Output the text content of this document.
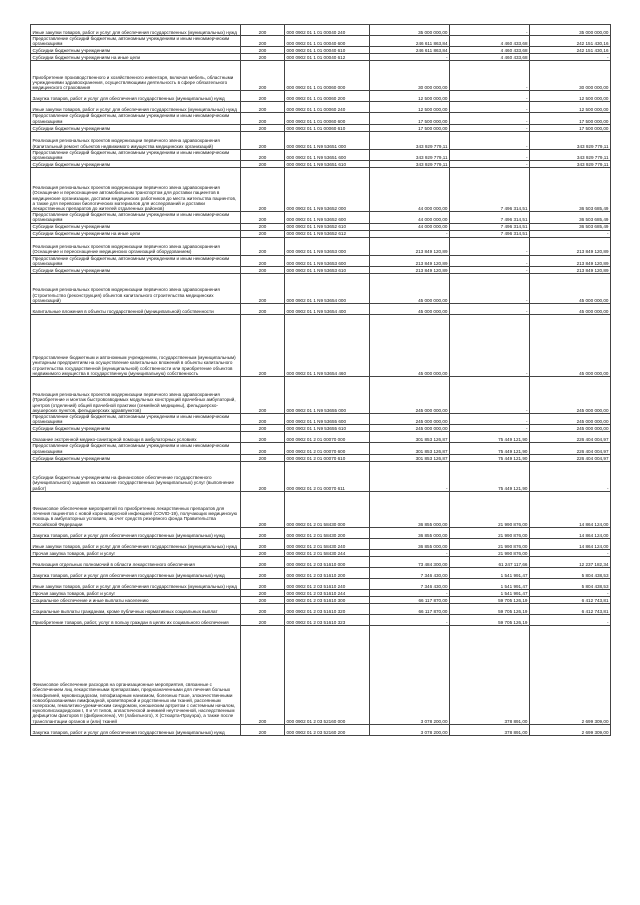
Иные закупки товаров, работ и услуг для обеспечения государственных (муниципальных) нужд	200	000 0902 01 1 01 00040 240	35 000 000,00	-	35 000 000,00
Предоставление субсидий бюджетным, автономным учреждениям и иным некоммерческим организациям	200	000 0902 01 1 01 00040 600	246 611 863,84	4 460 433,68	242 151 430,16
Субсидии бюджетным учреждениям	200	000 0902 01 1 01 00040 610	246 611 863,84	4 460 433,68	242 151 430,16
Субсидии бюджетным учреждениям на иные цели	200	000 0902 01 1 01 00040 612	-	4 460 433,68	-
Приобретение производственного и хозяйственного инвентаря, включая мебель, областными учреждениями здравоохранения, осуществляющими деятельность в сфере обязательного медицинского страхования	200	000 0902 01 1 01 00060 000	30 000 000,00	-	30 000 000,00
Закупка товаров, работ и услуг для обеспечения государственных (муниципальных) нужд	200	000 0902 01 1 01 00060 200	12 500 000,00	-	12 500 000,00
Иные закупки товаров, работ и услуг для обеспечения государственных (муниципальных) нужд	200	000 0902 01 1 01 00060 240	12 500 000,00	-	12 500 000,00
Предоставление субсидий бюджетным, автономным учреждениям и иным некоммерческим организациям	200	000 0902 01 1 01 00060 600	17 500 000,00	-	17 500 000,00
Субсидии бюджетным учреждениям	200	000 0902 01 1 01 00060 610	17 500 000,00	-	17 500 000,00
Реализация региональных проектов модернизации первичного звена здравоохранения (Капитальный ремонт объектов недвижимого имущества медицинских организаций)	200	000 0902 01 1 N9 53651 000	343 929 779,11	-	343 929 779,11
Предоставление субсидий бюджетным, автономным учреждениям и иным некоммерческим организациям	200	000 0902 01 1 N9 53651 600	343 929 779,11	-	343 929 779,11
Субсидии бюджетным учреждениям	200	000 0902 01 1 N9 53651 610	343 929 779,11	-	343 929 779,11
Реализация региональных проектов модернизации первичного звена здравоохранения (Оснащение и переоснащение автомобильным транспортом для доставки пациентов в медицинские организации, доставки медицинских работников до места жительства пациентов, а также для перевозки биологических материалов для исследований и доставки лекарственных препаратов до жителей отдаленных районов)	200	000 0902 01 1 N9 53652 000	44 000 000,00	7 496 314,51	36 503 685,49
Предоставление субсидий бюджетным, автономным учреждениям и иным некоммерческим организациям	200	000 0902 01 1 N9 53652 600	44 000 000,00	7 496 314,51	36 503 685,49
Субсидии бюджетным учреждениям	200	000 0902 01 1 N9 53652 610	44 000 000,00	7 496 314,51	36 503 685,49
Субсидии бюджетным учреждениям на иные цели	200	000 0902 01 1 N9 53652 612	-	7 496 314,51	-
Реализация региональных проектов модернизации первичного звена здравоохранения (Оснащение и переоснащение медицинских организаций оборудованием)	200	000 0902 01 1 N9 53653 000	213 849 120,89	-	213 849 120,89
Предоставление субсидий бюджетным, автономным учреждениям и иным некоммерческим организациям	200	000 0902 01 1 N9 53653 600	213 849 120,89	-	213 849 120,89
Субсидии бюджетным учреждениям	200	000 0902 01 1 N9 53653 610	213 849 120,89	-	213 849 120,89
Реализация региональных проектов модернизации первичного звена здравоохранения (Строительство (реконструкция) объектов капитального строительства медицинских организаций)	200	000 0902 01 1 N9 53654 000	45 000 000,00	-	45 000 000,00
Капитальные вложения в объекты государственной (муниципальной) собственности	200	000 0902 01 1 N9 53654 400	45 000 000,00	-	45 000 000,00
Предоставление бюджетным и автономным учреждениям, государственным (муниципальным) унитарным предприятиям на осуществление капитальных вложений в объекты капитального строительства государственной (муниципальной) собственности или приобретение объектов недвижимого имущества в государственную (муниципальную) собственность	200	000 0902 01 1 N9 53654 460	45 000 000,00	-	45 000 000,00
Реализация региональных проектов модернизации первичного звена здравоохранения (Приобретение и монтаж быстровозводимых модульных конструкций врачебных амбулаторий, центров (отделений) общей врачебной практики (семейной медицины), фельдшерско-акушерских пунктов, фельдшерских здравпунктов)	200	000 0902 01 1 N9 53655 000	245 000 000,00	-	245 000 000,00
Предоставление субсидий бюджетным, автономным учреждениям и иным некоммерческим организациям	200	000 0902 01 1 N9 53655 600	245 000 000,00	-	245 000 000,00
Субсидии бюджетным учреждениям	200	000 0902 01 1 N9 53655 610	245 000 000,00	-	245 000 000,00
Оказание экстренной медико-санитарной помощи в амбулаторных условиях	200	000 0902 01 2 01 00070 000	301 853 126,87	75 449 121,90	226 404 004,97
Предоставление субсидий бюджетным, автономным учреждениям и иным некоммерческим организациям	200	000 0902 01 2 01 00070 600	301 853 126,87	75 449 121,90	226 404 004,97
Субсидии бюджетным учреждениям	200	000 0902 01 2 01 00070 610	301 853 126,87	75 449 121,90	226 404 004,97
Субсидии бюджетным учреждениям на финансовое обеспечение государственного (муниципального) задания на оказание государственных (муниципальных) услуг (выполнение работ)	200	000 0902 01 2 01 00070 611	-	75 449 121,90	-
Финансовое обеспечение мероприятий по приобретению лекарственных препаратов для лечения пациентов с новой коронавирусной инфекцией (COVID-19), получающих медицинскую помощь в амбулаторных условиях, за счет средств резервного фонда Правительства Российской Федерации	200	000 0902 01 2 01 58430 000	36 855 000,00	21 990 876,00	14 864 124,00
Закупка товаров, работ и услуг для обеспечения государственных (муниципальных) нужд	200	000 0902 01 2 01 58430 200	36 855 000,00	21 990 876,00	14 864 124,00
Иные закупки товаров, работ и услуг для обеспечения государственных (муниципальных) нужд	200	000 0902 01 2 01 58430 240	36 855 000,00	21 990 876,00	14 864 124,00
Прочая закупка товаров, работ и услуг	200	000 0902 01 2 01 58430 244	-	21 990 876,00	-
Реализация отдельных полномочий в области лекарственного обеспечения	200	000 0902 01 2 03 51610 000	73 484 300,00	61 247 117,66	12 237 182,34
Закупка товаров, работ и услуг для обеспечения государственных (муниципальных) нужд	200	000 0902 01 2 03 51610 200	7 346 430,00	1 541 991,47	5 804 438,53
Иные закупки товаров, работ и услуг для обеспечения государственных (муниципальных) нужд	200	000 0902 01 2 03 51610 240	7 346 430,00	1 541 991,47	5 804 438,53
Прочая закупка товаров, работ и услуг	200	000 0902 01 2 03 51610 244	-	1 541 991,47	-
Социальное обеспечение и иные выплаты населению	200	000 0902 01 2 03 51610 300	66 117 870,00	59 705 126,19	6 412 743,81
Социальные выплаты гражданам, кроме публичных нормативных социальных выплат	200	000 0902 01 2 03 51610 320	66 117 870,00	59 705 126,19	6 412 743,81
Приобретение товаров, работ, услуг в пользу граждан в целях их социального обеспечения	200	000 0902 01 2 03 51610 323	-	59 705 126,19	-
Финансовое обеспечение расходов на организационные мероприятия, связанные с обеспечением лиц лекарственными препаратами, предназначенными для лечения больных гемофилией, муковисцидозом, гипофизарным нанизмом, болезнью Гоше, злокачественными новообразованиями лимфоидной, кроветворной и родственных им тканей, рассеянным склерозом, гемолитико-уремическим синдромом, юношеским артритом с системным началом, мукополисахаридозом I, II и VI типов, апластической анемией неуточненной, наследственным дефицитом факторов II (фибриногена), VII (лабильного), X (Стюарта-Прауэра), а также после трансплантации органов и (или) тканей	200	000 0902 01 2 03 52160 000	3 078 200,00	378 891,00	2 699 309,00
Закупка товаров, работ и услуг для обеспечения государственных (муниципальных) нужд	200	000 0902 01 2 03 52160 200	3 078 200,00	378 891,00	2 699 309,00
